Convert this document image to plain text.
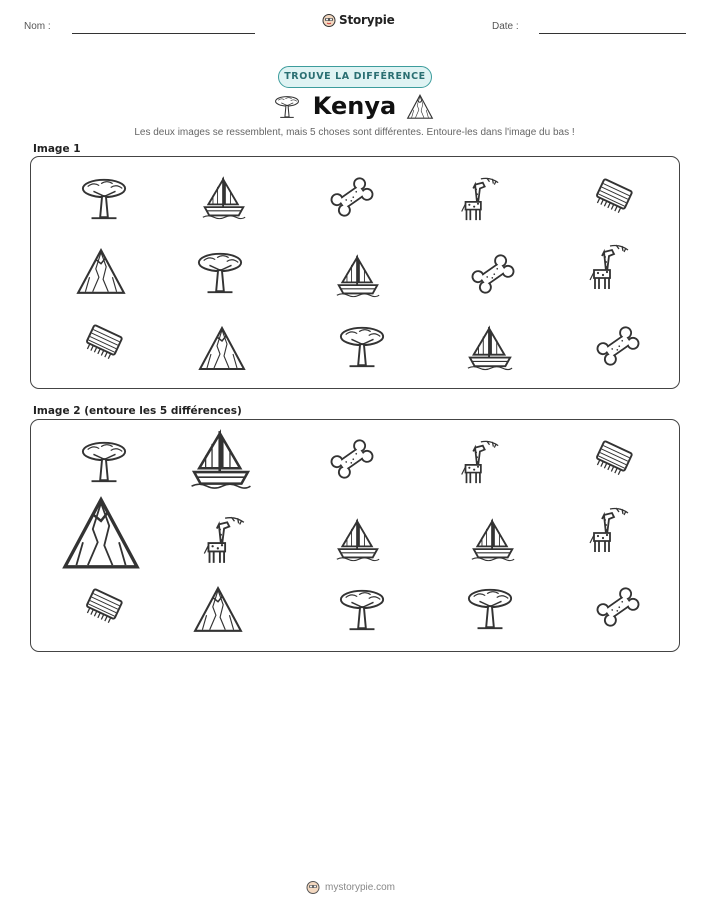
Nom :	Storypie	Date :
TROUVE LA DIFFÉRENCE
Kenya
Les deux images se ressemblent, mais 5 choses sont différentes. Entoure-les dans l'image du bas !
Image 1
Image 2 (entoure les 5 différences)
mystorypie.com
